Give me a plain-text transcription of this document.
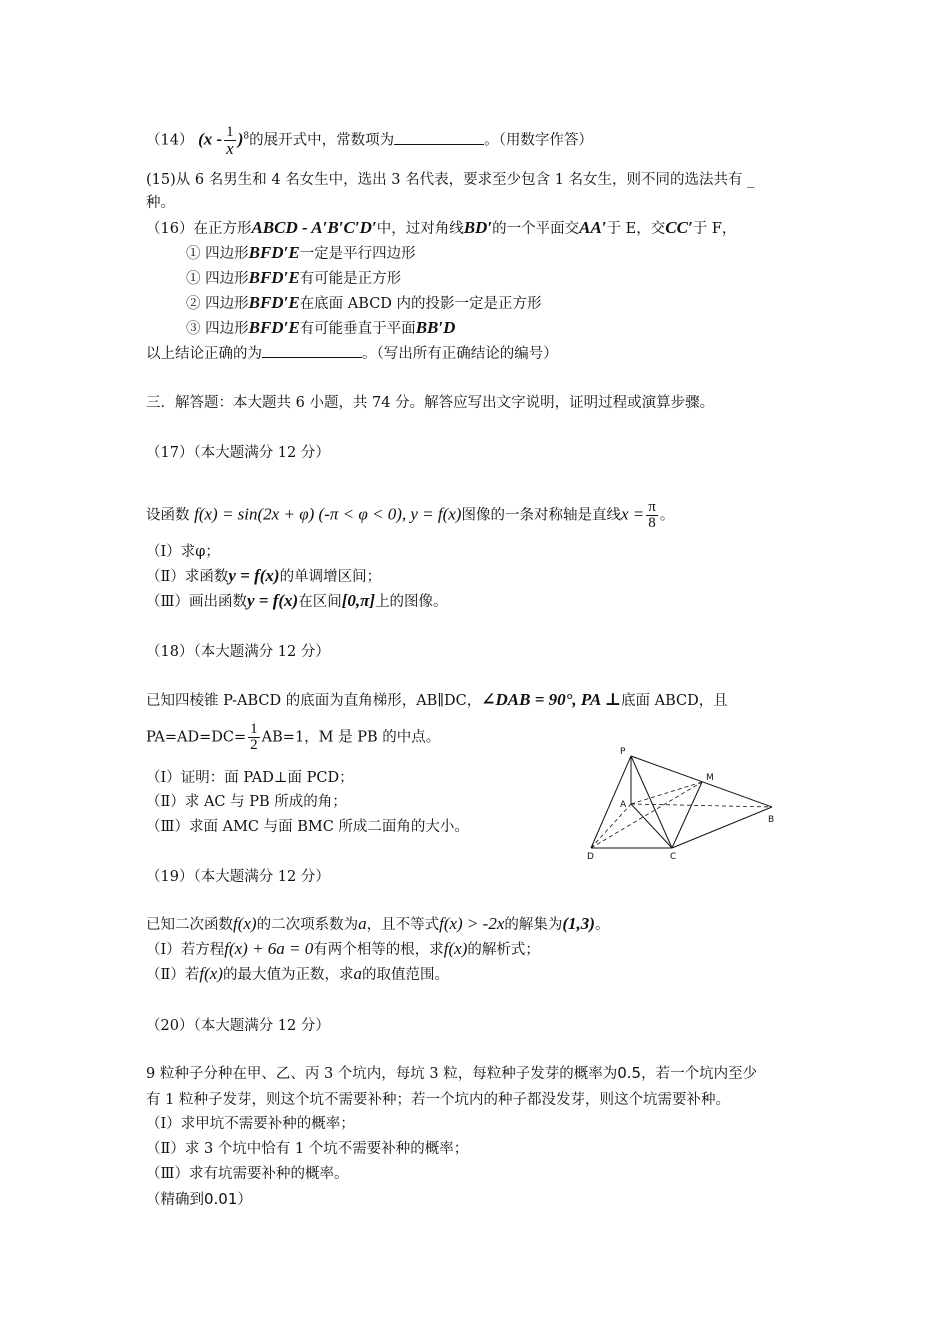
（14） $(x - \frac{1}{x} )^8$的展开式中，常数项为	。（用数字作答）
(15)从 6 名男生和 4 名女生中，选出 3 名代表，要求至少包含 1 名女生，则不同的选法共有 _
种。
（16）在正方形ABCD - A′B′C′D′中，过对角线BD′的一个平面交AA′于 E，交CC′于 F，
① 四边形BFD′E一定是平行四边形
① 四边形BFD′E有可能是正方形
② 四边形BFD′E在底面 ABCD 内的投影一定是正方形
③ 四边形BFD′E有可能垂直于平面BB′D
以上结论正确的为	。（写出所有正确结论的编号）
三．解答题：本大题共 6 小题，共 74 分。解答应写出文字说明，证明过程或演算步骤。
（17）（本大题满分 12 分）
设函数 f(x) = sin(2x + φ) (-π < φ < 0), y = f(x)图像的一条对称轴是直线$x = \frac{\pi}{8}$ 。
（Ⅰ）求φ；
（Ⅱ）求函数y = f(x)的单调增区间；
（Ⅲ）画出函数y = f(x)在区间[0,π]上的图像。
（18）（本大题满分 12 分）
已知四棱锥 P-ABCD 的底面为直角梯形，AB∥DC，∠DAB = 90°, PA ⊥底面 ABCD，且
$PA=AD=DC= \frac{1}{2} AB=1$，M 是 PB 的中点。
（Ⅰ）证明：面 PAD⊥面 PCD；
（Ⅱ）求 AC 与 PB 所成的角；
（Ⅲ）求面 AMC 与面 BMC 所成二面角的大小。
P
M
A
B
D	C
（19）（本大题满分 12 分）
已知二次函数f(x)的二次项系数为a，且不等式f(x) > -2x的解集为(1,3)。
（Ⅰ）若方程f(x) + 6a = 0有两个相等的根，求f(x)的解析式；
（Ⅱ）若f(x)的最大值为正数，求a的取值范围。
（20）（本大题满分 12 分）
9 粒种子分种在甲、乙、丙 3 个坑内，每坑 3 粒，每粒种子发芽的概率为0.5，若一个坑内至少
有 1 粒种子发芽，则这个坑不需要补种；若一个坑内的种子都没发芽，则这个坑需要补种。
（Ⅰ）求甲坑不需要补种的概率；
（Ⅱ）求 3 个坑中恰有 1 个坑不需要补种的概率；
（Ⅲ）求有坑需要补种的概率。
（精确到0.01）
